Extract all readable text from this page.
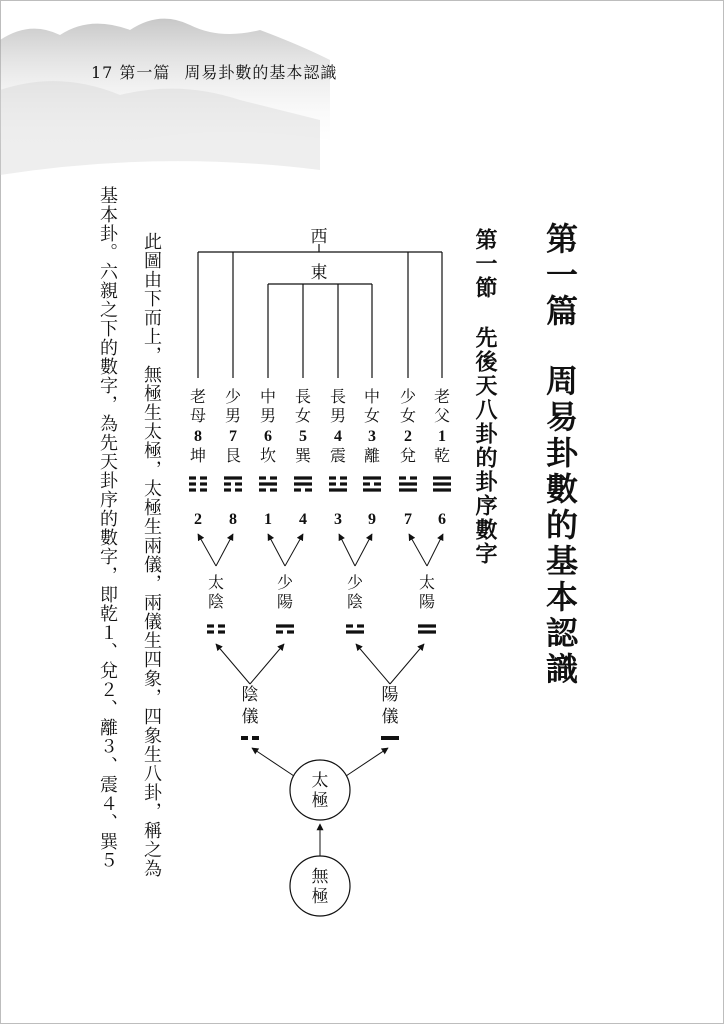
17 第一篇 周易卦數的基本認識
第一篇周易卦數的基本認識
第一節先後天八卦的卦序數字
西
東
老父
1
乾
6
少女
2
兌
7
中女
3
離
9
長男
4
震
3
長女
5
巽
4
中男
6
坎
1
少男
7
艮
8
老母
8
坤
2
太陽
少陰
少陽
太陰
陽儀
陰儀
太極
無極
此圖由下而上，無極生太極，太極生兩儀，兩儀生四象，四象生八卦，稱之為
基本卦。六親之下的數字，為先天卦序的數字，即乾１、兌２、離３、震４、巽５
